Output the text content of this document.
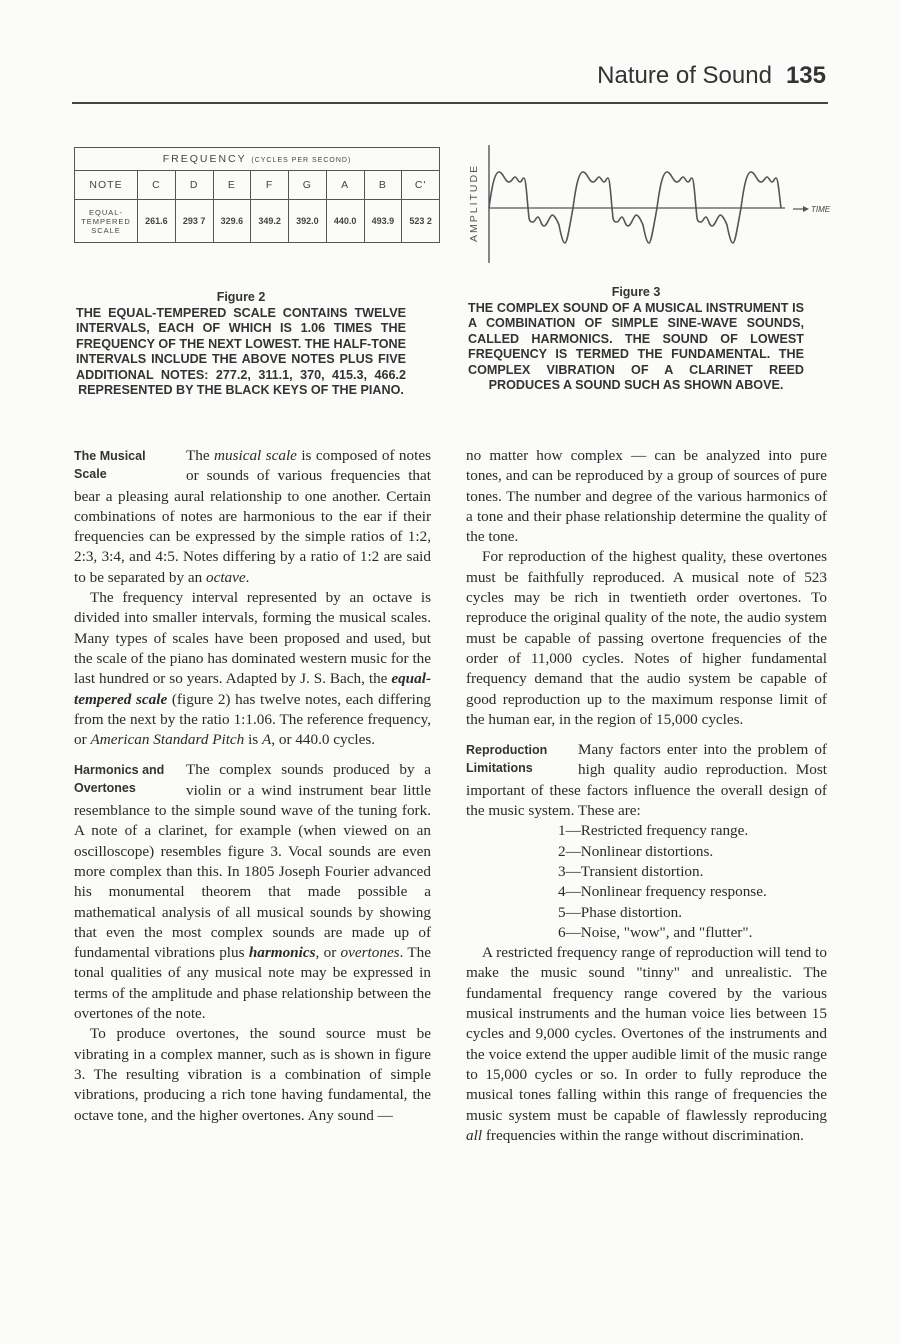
Nature of Sound 135
FREQUENCY (CYCLES PER SECOND)								
NOTE	C	D	E	F	G	A	B	C'
EQUAL-
TEMPERED
SCALE	261.6	293 7	329.6	349.2	392.0	440.0	493.9	523 2
Figure 2
THE EQUAL-TEMPERED SCALE CONTAINS TWELVE INTERVALS, EACH OF WHICH IS 1.06 TIMES THE FREQUENCY OF THE NEXT LOWEST. THE HALF-TONE INTERVALS INCLUDE THE ABOVE NOTES PLUS FIVE ADDITIONAL NOTES: 277.2, 311.1, 370, 415.3, 466.2 REPRESENTED BY THE BLACK KEYS OF THE PIANO.
TIME
AMPLITUDE
Figure 3
THE COMPLEX SOUND OF A MUSICAL INSTRUMENT IS A COMBINATION OF SIMPLE SINE-WAVE SOUNDS, CALLED HARMONICS. THE SOUND OF LOWEST FREQUENCY IS TERMED THE FUNDAMENTAL. THE COMPLEX VIBRATION OF A CLARINET REED PRODUCES A SOUND SUCH AS SHOWN ABOVE.
The Musical
Scale

The musical scale is composed of notes or sounds of various frequencies that bear a pleasing aural relationship to one another. Certain combinations of notes are harmonious to the ear if their frequencies can be expressed by the simple ratios of 1:2, 2:3, 3:4, and 4:5. Notes differing by a ratio of 1:2 are said to be separated by an octave.

The frequency interval represented by an octave is divided into smaller intervals, forming the musical scales. Many types of scales have been proposed and used, but the scale of the piano has dominated western music for the last hundred or so years. Adapted by J. S. Bach, the equal-tempered scale (figure 2) has twelve notes, each differing from the next by the ratio 1:1.06. The reference frequency, or American Standard Pitch is A, or 440.0 cycles.

Harmonics and
Overtones

The complex sounds produced by a violin or a wind instrument bear little resemblance to the simple sound wave of the tuning fork. A note of a clarinet, for example (when viewed on an oscilloscope) resembles figure 3. Vocal sounds are even more complex than this. In 1805 Joseph Fourier advanced his monumental theorem that made possible a mathematical analysis of all musical sounds by showing that even the most complex sounds are made up of fundamental vibrations plus harmonics, or overtones. The tonal qualities of any musical note may be expressed in terms of the amplitude and phase relationship between the overtones of the note.

To produce overtones, the sound source must be vibrating in a complex manner, such as is shown in figure 3. The resulting vibration is a combination of simple vibrations, producing a rich tone having fundamental, the octave tone, and the higher overtones. Any sound —

no matter how complex — can be analyzed into pure tones, and can be reproduced by a group of sources of pure tones. The number and degree of the various harmonics of a tone and their phase relationship determine the quality of the tone.

For reproduction of the highest quality, these overtones must be faithfully reproduced. A musical note of 523 cycles may be rich in twentieth order overtones. To reproduce the original quality of the note, the audio system must be capable of passing overtone frequencies of the order of 11,000 cycles. Notes of higher fundamental frequency demand that the audio system be capable of good reproduction up to the maximum response limit of the human ear, in the region of 15,000 cycles.

Reproduction
Limitations

Many factors enter into the problem of high quality audio reproduction. Most important of these factors influence the overall design of the music system. These are:

1—Restricted frequency range.
2—Nonlinear distortions.
3—Transient distortion.
4—Nonlinear frequency response.
5—Phase distortion.
6—Noise, "wow", and "flutter".

A restricted frequency range of reproduction will tend to make the music sound "tinny" and unrealistic. The fundamental frequency range covered by the various musical instruments and the human voice lies between 15 cycles and 9,000 cycles. Overtones of the instruments and the voice extend the upper audible limit of the music range to 15,000 cycles or so. In order to fully reproduce the musical tones falling within this range of frequencies the music system must be capable of flawlessly reproducing all frequencies within the range without discrimination.
